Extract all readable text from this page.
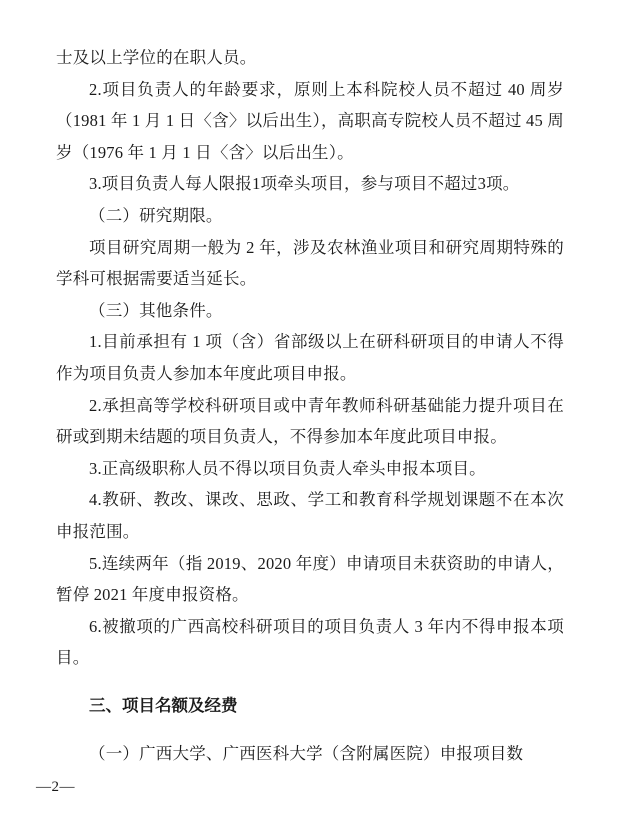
士及以上学位的在职人员。

2.项目负责人的年龄要求，原则上本科院校人员不超过 40 周岁（1981 年 1 月 1 日〈含〉以后出生），高职高专院校人员不超过 45 周岁（1976 年 1 月 1 日〈含〉以后出生）。

3.项目负责人每人限报1项牵头项目，参与项目不超过3项。

（二）研究期限。

项目研究周期一般为 2 年，涉及农林渔业项目和研究周期特殊的学科可根据需要适当延长。

（三）其他条件。

1.目前承担有 1 项（含）省部级以上在研科研项目的申请人不得作为项目负责人参加本年度此项目申报。

2.承担高等学校科研项目或中青年教师科研基础能力提升项目在研或到期未结题的项目负责人，不得参加本年度此项目申报。

3.正高级职称人员不得以项目负责人牵头申报本项目。

4.教研、教改、课改、思政、学工和教育科学规划课题不在本次申报范围。

5.连续两年（指 2019、2020 年度）申请项目未获资助的申请人，暂停 2021 年度申报资格。

6.被撤项的广西高校科研项目的项目负责人 3 年内不得申报本项目。

三、项目名额及经费

（一）广西大学、广西医科大学（含附属医院）申报项目数

—2—
